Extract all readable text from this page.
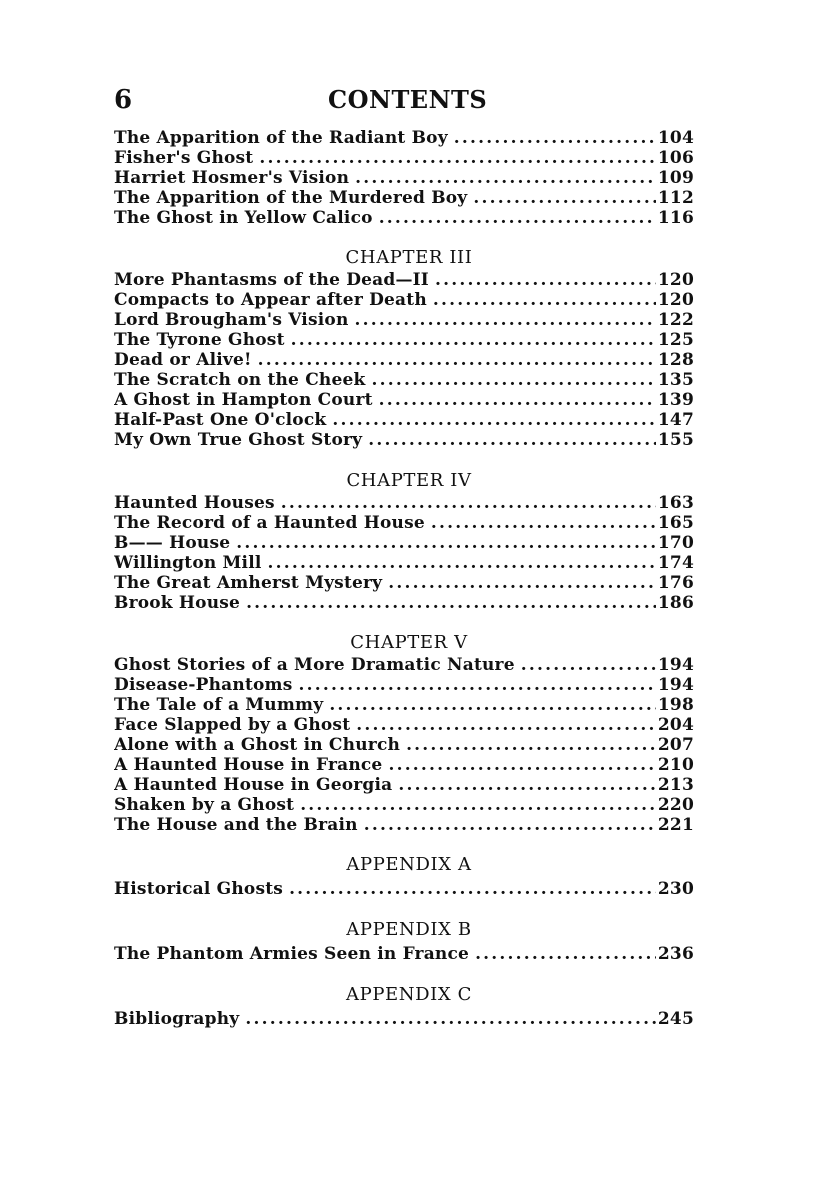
6	CONTENTS
The Apparition of the Radiant Boy .....	104
Fisher's Ghost .....	106
Harriet Hosmer's Vision .....	109
The Apparition of the Murdered Boy .....	112
The Ghost in Yellow Calico .....	116
CHAPTER III
More Phantasms of the Dead—II .....	120
Compacts to Appear after Death .....	120
Lord Brougham's Vision .....	122
The Tyrone Ghost .....	125
Dead or Alive! .....	128
The Scratch on the Cheek .....	135
A Ghost in Hampton Court .....	139
Half-Past One O'clock .....	147
My Own True Ghost Story .....	155
CHAPTER IV
Haunted Houses .....	163
The Record of a Haunted House .....	165
B—— House .....	170
Willington Mill .....	174
The Great Amherst Mystery .....	176
Brook House .....	186
CHAPTER V
Ghost Stories of a More Dramatic Nature .....	194
Disease-Phantoms .....	194
The Tale of a Mummy .....	198
Face Slapped by a Ghost .....	204
Alone with a Ghost in Church .....	207
A Haunted House in France .....	210
A Haunted House in Georgia .....	213
Shaken by a Ghost .....	220
The House and the Brain .....	221
APPENDIX A
Historical Ghosts .....	230
APPENDIX B
The Phantom Armies Seen in France .....	236
APPENDIX C
Bibliography .....	245
